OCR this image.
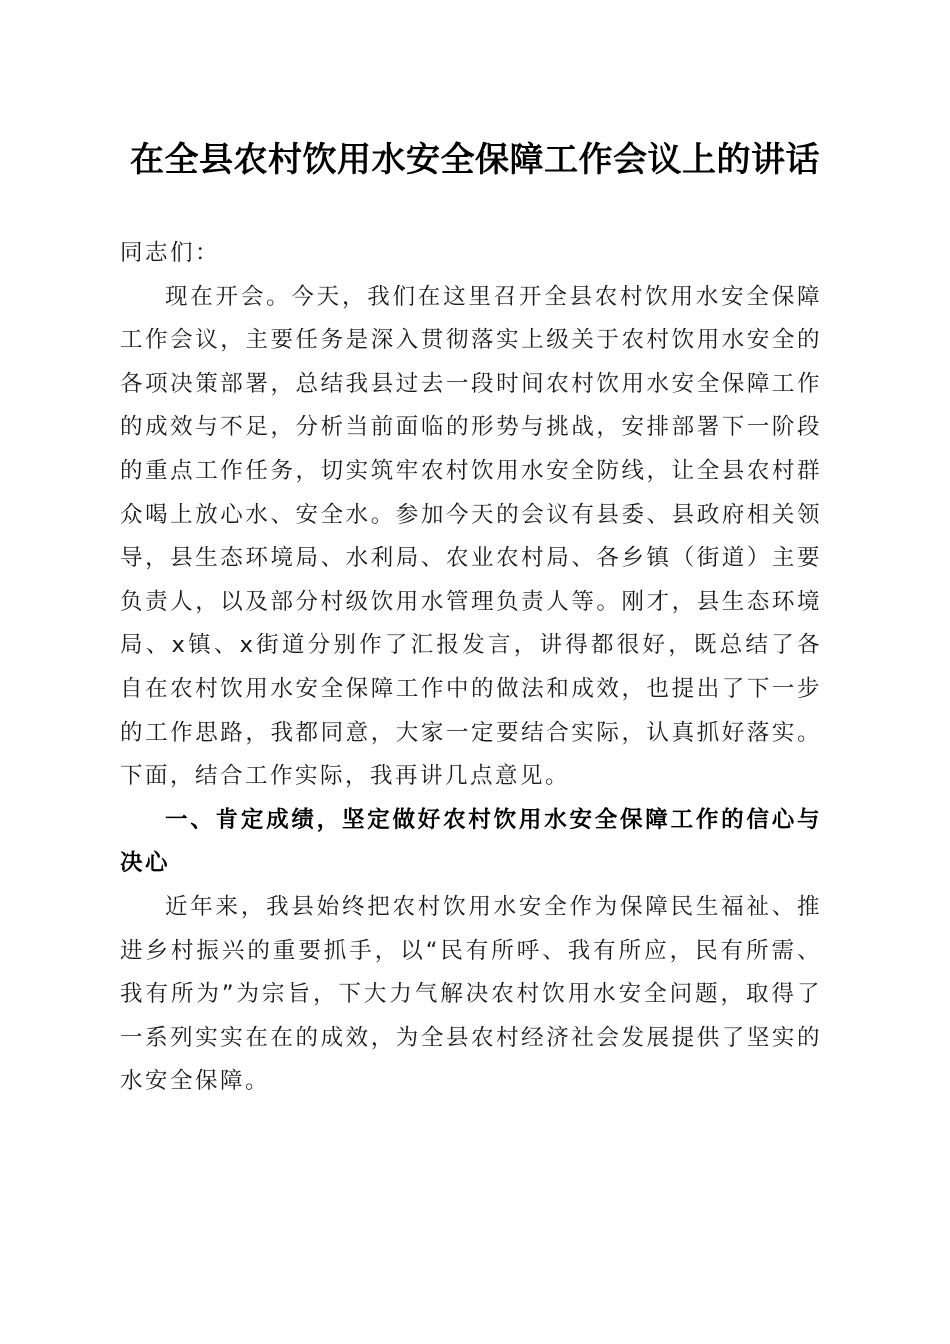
在全县农村饮用水安全保障工作会议上的讲话

同志们：

现在开会。今天，我们在这里召开全县农村饮用水安全保障工作会议，主要任务是深入贯彻落实上级关于农村饮用水安全的各项决策部署，总结我县过去一段时间农村饮用水安全保障工作的成效与不足，分析当前面临的形势与挑战，安排部署下一阶段的重点工作任务，切实筑牢农村饮用水安全防线，让全县农村群众喝上放心水、安全水。参加今天的会议有县委、县政府相关领导，县生态环境局、水利局、农业农村局、各乡镇（街道）主要负责人，以及部分村级饮用水管理负责人等。刚才，县生态环境局、x镇、x街道分别作了汇报发言，讲得都很好，既总结了各自在农村饮用水安全保障工作中的做法和成效，也提出了下一步的工作思路，我都同意，大家一定要结合实际，认真抓好落实。下面，结合工作实际，我再讲几点意见。

一、肯定成绩，坚定做好农村饮用水安全保障工作的信心与决心

近年来，我县始终把农村饮用水安全作为保障民生福祉、推进乡村振兴的重要抓手，以“民有所呼、我有所应，民有所需、我有所为”为宗旨，下大力气解决农村饮用水安全问题，取得了一系列实实在在的成效，为全县农村经济社会发展提供了坚实的水安全保障。
